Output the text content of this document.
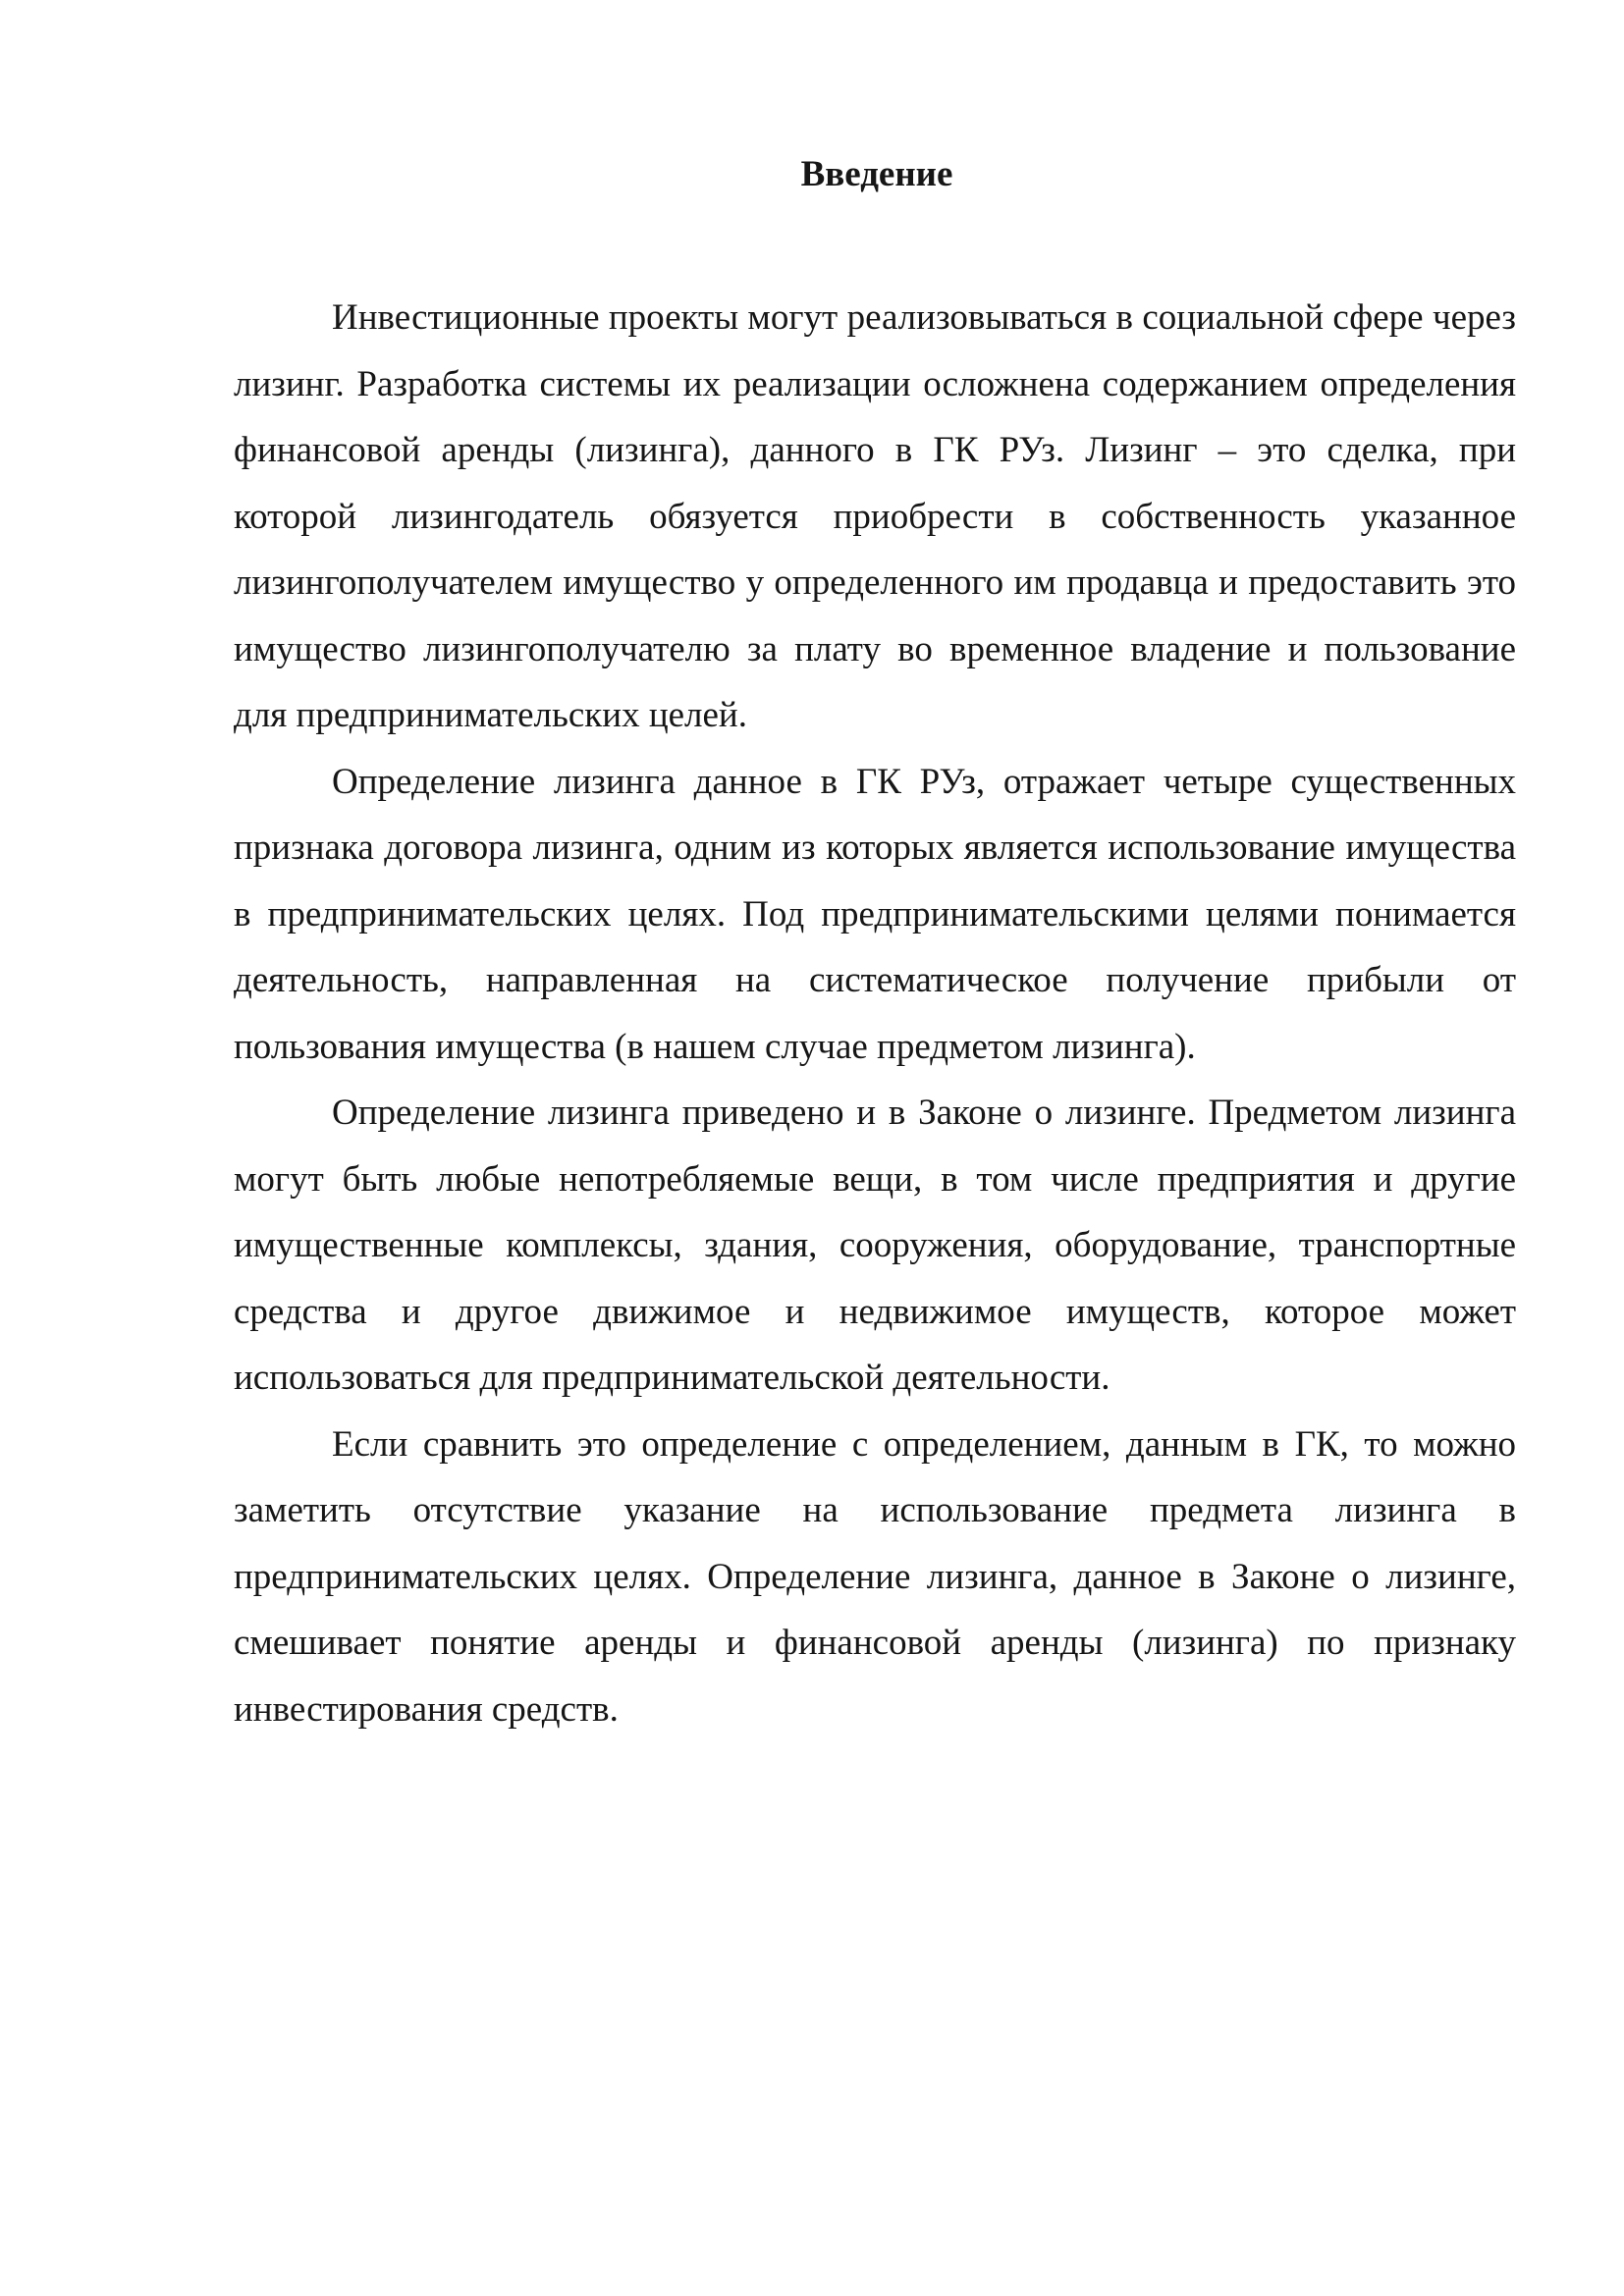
Введение

Инвестиционные проекты могут реализовываться в социальной сфере через лизинг. Разработка системы их реализации осложнена содержанием определения финансовой аренды (лизинга), данного в ГК РУз. Лизинг – это сделка, при которой лизингодатель обязуется приобрести в собственность указанное лизингополучателем имущество у определенного им продавца и предоставить это имущество лизингополучателю за плату во временное владение и пользование для предпринимательских целей.

Определение лизинга данное в ГК РУз, отражает четыре существенных признака договора лизинга, одним из которых является использование имущества в предпринимательских целях. Под предпринимательскими целями понимается деятельность, направленная на систематическое получение прибыли от пользования имущества (в нашем случае предметом лизинга).

Определение лизинга приведено и в Законе о лизинге. Предметом лизинга могут быть любые непотребляемые вещи, в том числе предприятия и другие имущественные комплексы, здания, сооружения, оборудование, транспортные средства и другое движимое и недвижимое имуществ, которое может использоваться для предпринимательской деятельности.

Если сравнить это определение с определением, данным в ГК, то можно заметить отсутствие указание на использование предмета лизинга в предпринимательских целях. Определение лизинга, данное в Законе о лизинге, смешивает понятие аренды и финансовой аренды (лизинга) по признаку инвестирования средств.
